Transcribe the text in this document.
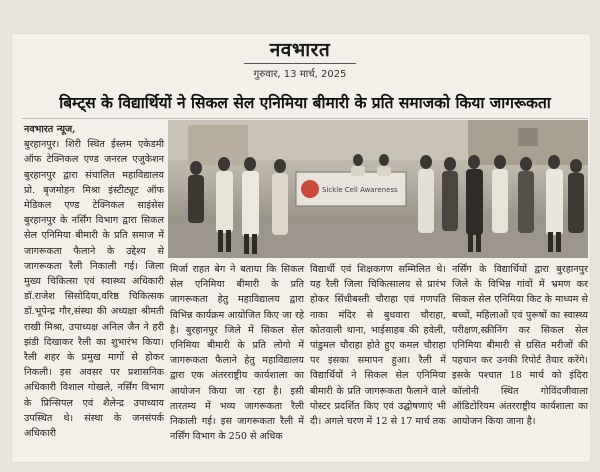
नवभारत
गुरुवार, 13 मार्च, 2025
बिम्ट्स के विद्यार्थियों ने सिकल सेल एनिमिया बीमारी के प्रति समाजको किया जागरूकता
Sickle Cell Awareness

नवभारत न्यूज,

बुरहानपुर। शिरी स्थित ईस्लम एकेडमी ऑफ टेक्निकल एण्ड जनरल एजुकेशन बुरहानपुर द्वारा संचालित महाविद्यालय प्रो. बृजमोहन मिश्रा इंस्टीट्यूट ऑफ मेडिकल एण्ड टेक्निकल साइंसेस बुरहानपुर के नर्सिंग विभाग द्वारा सिकल सेल एनिमिया बीमारी के प्रति समाज में जागरूकता फैलाने के उद्देश्य से जागरूकता रैली निकाली गई। जिला मुख्य चिकित्सा एवं स्वास्थ्य अधिकारी डॉ.राजेश सिसोदिया,वरिष्ठ चिकित्सक डॉ.भूपेन्द्र गौर,संस्था की अध्यक्षा श्रीमती राखी मिश्रा, उपाध्यक्ष अनिल जैन ने हरी झंडी दिखाकर रैली का शुभारंभ किया। रैली शहर के प्रमुख मार्गो से होकर निकली। इस अवसर पर प्रशासनिक अधिकारी विशाल गोखले, नर्सिंग विभाग के प्रिन्सिपल एवं शैलेन्द्र उपाध्याय उपस्थित थे। संस्था के जनसंपर्क अधिकारी

मिर्जा राहत बेग ने बताया कि सिकल सेल एनिमिया बीमारी के प्रति जागरूकता हेतु महाविद्यालय द्वारा विभिन्न कार्यक्रम आयोजित किए जा रहे है। बुरहानपुर जिले में सिकल सेल एनिमिया बीमारी के प्रति लोगो में जागरूकता फैलाने हेतु महाविद्यालय द्वारा एक अंतरराष्ट्रीय कार्यशाला का आयोजन किया जा रहा है। इसी तारतम्य में भव्य जागरूकता रैली निकाली गई। इस जागरूकता रैली में नर्सिंग विभाग के 250 से अधिक

विद्यार्थी एवं शिक्षकगण सम्मिलित थे। यह रैली जिला चिकित्सालय से प्रारंभ होकर सिंधीबस्ती चौराहा एवं गणपति नाका मंदिर से बुधवारा चौराहा, कोतवाली थाना, भाईसाहब की हवेली, पांडुमल चौराहा होते हुए कमल चौराहा पर इसका समापन हुआ। रैली में विद्यार्थियों ने सिकल सेल एनिमिया बीमारी के प्रति जागरूकता फैलाने वाले पोस्टर प्रदर्शित किए एवं उद्घोषणाएं भी दी। अगले चरण में 12 से 17 मार्च तक

नर्सिंग के विद्यार्थियों द्वारा बुरहानपुर जिले के विभिन्न गांवों में भ्रमण कर सिकल सेल एनिमिया किट के माध्यम से बच्चों, महिलाओं एवं पुरूषों का स्वास्थ्य परीक्षण,स्क्रीनिंग कर सिकल सेल एनिमिया बीमारी से ग्रसित मरीजों की पहचान कर उनकी रिपोर्ट तैयार करेंगे। इसके पश्चात 18 मार्च को इंदिरा कॉलोनी स्थित गोविंदजीवाला ऑडिटोरियम अंतरराष्ट्रीय कार्यशाला का आयोजन किया जाना है।
